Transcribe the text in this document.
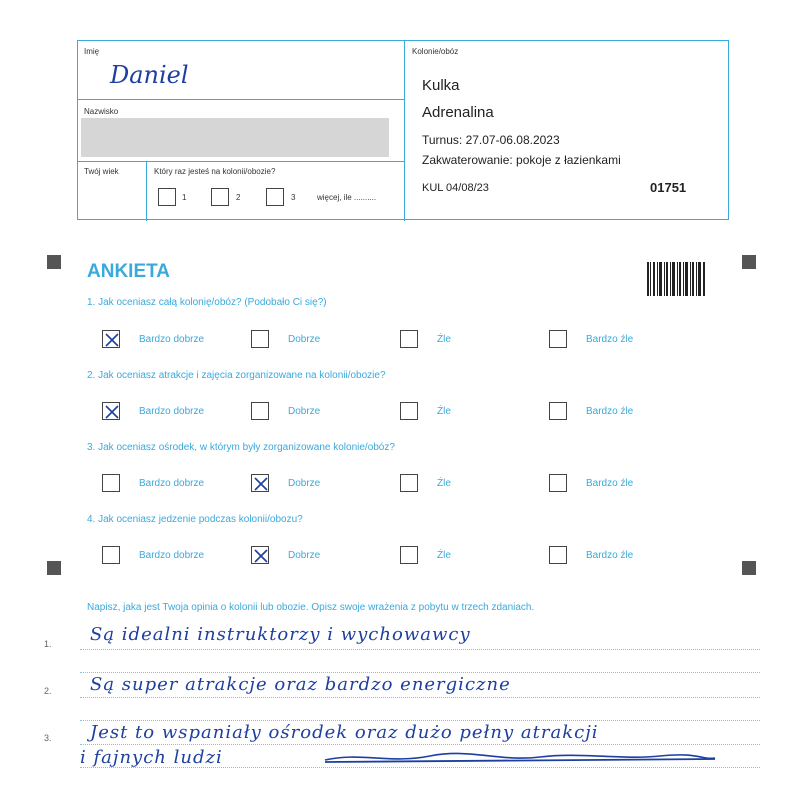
Imię
Daniel
Nazwisko
Twój wiek	Który raz jesteś na kolonii/obozie?
1	2	3	więcej, ile ..........
Kolonie/obóz
Kulka
Adrenalina
Turnus: 27.07-06.08.2023
Zakwaterowanie: pokoje z łazienkami
KUL 04/08/23	01751
ANKIETA
1. Jak oceniasz całą kolonię/obóz? (Podobało Ci się?)
2. Jak oceniasz atrakcje i zajęcia zorganizowane na kolonii/obozie?
3. Jak oceniasz ośrodek, w którym były zorganizowane kolonie/obóz?
4. Jak oceniasz jedzenie podczas kolonii/obozu?
Bardzo dobrze	Dobrze	Źle	Bardzo źle
Bardzo dobrze	Dobrze	Źle	Bardzo źle
Bardzo dobrze	Dobrze	Źle	Bardzo źle
Bardzo dobrze	Dobrze	Źle	Bardzo źle
Napisz, jaka jest Twoja opinia o kolonii lub obozie. Opisz swoje wrażenia z pobytu w trzech zdaniach.
1.
2.
3.
Są idealni instruktorzy i wychowawcy
Są super atrakcje oraz bardzo energiczne
Jest to wspaniały ośrodek oraz dużo pełny atrakcji
i fajnych ludzi
